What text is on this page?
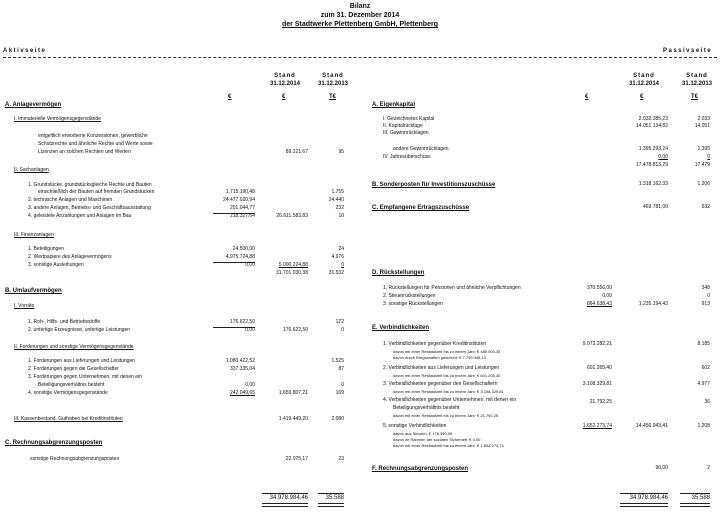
Bilanz
zum 31. Dezember 2014
der Stadtwerke Plettenberg GmbH, Plettenberg
Aktivseite	Passivseite
Stand
31.12.2014
Stand
31.12.2013
€	€	T€
A. Anlagevermögen
I. Immaterielle Vermögensgegenstände
entgeltlich erworbene Konzessionen, gewerbliche
Schutzrechte und ähnliche Rechte und Werte sowie
Lizenzen an solchen Rechten und Werten	89.221,67	95
II. Sachanlagen
1. Grundstücke, grundstücksgleiche Rechte und Bauten
einschließlich der Bauten auf fremden Grundstücken	1.715.190,48	1.755
2. technische Anlagen und Maschinen	24.477.020,94	24.440
3. andere Anlagen, Betriebs- und Geschäftsausstattung	201.044,77	232
4. geleistete Anzahlungen und Anlagen im Bau	218.327,64	26.611.583,83	10
III. Finanzanlagen
1. Beteiligungen	24.500,00	24
2. Wertpapiere des Anlagevermögens	4.975.724,88	4.976
3. sonstige Ausleihungen	0,00	5.000.224,88	0
31.701.030,38	31.532
B. Umlaufvermögen
I. Vorräte
1. Roh-, Hilfs- und Betriebsstoffe	176.622,50	172
2. unfertige Erzeugnisse, unfertige Leistungen	0,00	176.622,50	0
II. Forderungen und sonstige Vermögensgegenstände
1. Forderungen aus Lieferungen und Leistungen	1.080.422,52	1.525
2. Forderungen gegen die Gesellschafter	337.335,04	87
3. Forderungen gegen Unternehmen, mit denen ein
Beteiligungsverhältnis besteht	0,00	0
4. sonstige Vermögensgegenstände	242.049,65	1.659.807,21	169
III. Kassenbestand, Guthaben bei Kreditinstituten	1.419.449,20	2.080
C. Rechnungsabgrenzungsposten
sonstige Rechnungsabgrenzungsposten	22.075,17	23
34.978.984,46	35.588
Stand
31.12.2014
Stand
31.12.2013
€	€	T€
A. Eigenkapital
I. Gezeichnetes Kapital	2.032.385,23	2.033
II. Kapitalrücklage	14.051.134,82	14.051
III. Gewinnrücklagen
andere Gewinnrücklagen	1.395.293,24	1.395
IV. Jahresüberschuss	0,00	0
17.478.813,29	17.479
B. Sonderposten für Investitionszuschüsse	1.318.162,33	1.206
C. Empfangene Ertragszuschüsse	469.781,00	632
D. Rückstellungen
1. Rückstellungen für Pensionen und ähnliche Verpflichtungen	370.556,00	348
2. Steuerrückstellungen	0,00	0
3. sonstige Rückstellungen	864.638,43	1.235.194,43	913
E. Verbindlichkeiten
1. Verbindlichkeiten gegenüber Kreditinstituten	9.073.282,21	8.185
davon mit einer Restlaufzeit bis zu einem Jahr: € 480.004,35
davon durch Bürgschaften gesichert: € 7.799.348,10
2. Verbindlichkeiten aus Lieferungen und Leistungen	601.265,40	602
davon mit einer Restlaufzeit bis zu einem Jahr: € 601.265,40
3. Verbindlichkeiten gegenüber den Gesellschaftern	3.108.329,81	4.977
davon mit einer Restlaufzeit bis zu einem Jahr: € 3.108.329,81
4. Verbindlichkeiten gegenüber Unternehmen, mit denen ein	21.792,25	36
Beteiligungsverhältnis besteht
davon mit einer Restlaufzeit bis zu einem Jahr: € 21.792,25
5. sonstige Verbindlichkeiten	1.652.273,74	14.456.943,41	1.208
davon aus Steuern: € 178.390,09
davon im Rahmen der sozialen Sicherheit: € 0,00
davon mit einer Restlaufzeit bis zu einem Jahr: € 1.652.273,74
F. Rechnungsabgrenzungsposten	90,00	2
34.978.984,46	35.588
